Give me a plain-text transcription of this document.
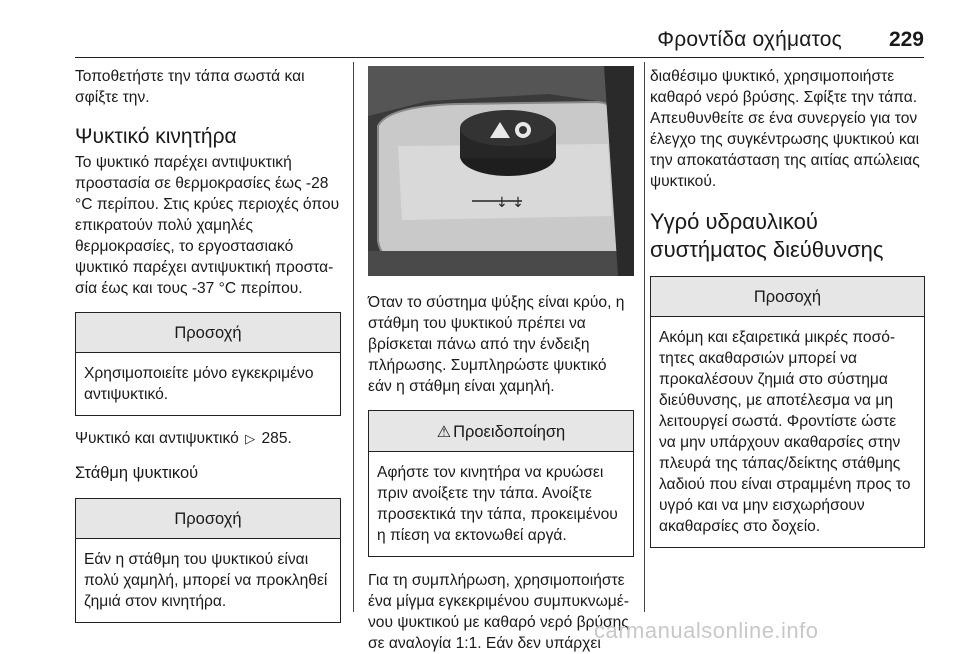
Φροντίδα οχήματος 229

Τοποθετήστε την τάπα σωστά και σφίξτε την.

Ψυκτικό κινητήρα

Το ψυκτικό παρέχει αντιψυκτική προστασία σε θερμοκρασίες έως -28 °C περίπου. Στις κρύες περιοχές όπου επικρατούν πολύ χαμηλές θερμοκρασίες, το εργοστασιακό ψυκτικό παρέχει αντιψυκτική προστασία έως και τους -37 °C περίπου.

Προσοχή
Χρησιμοποιείτε μόνο εγκεκριμένο αντιψυκτικό.

Ψυκτικό και αντιψυκτικό ▷ 285.

Στάθμη ψυκτικού
Προσοχή
Εάν η στάθμη του ψυκτικού είναι πολύ χαμηλή, μπορεί να προκληθεί ζημιά στον κινητήρα.
↓ ↓

Όταν το σύστημα ψύξης είναι κρύο, η στάθμη του ψυκτικού πρέπει να βρίσκεται πάνω από την ένδειξη πλήρωσης. Συμπληρώστε ψυκτικό εάν η στάθμη είναι χαμηλή.

⚠ Προειδοποίηση
Αφήστε τον κινητήρα να κρυώσει πριν ανοίξετε την τάπα. Ανοίξτε προσεκτικά την τάπα, προκειμένου η πίεση να εκτονωθεί αργά.

Για τη συμπλήρωση, χρησιμοποιήστε ένα μίγμα εγκεκριμένου συμπυκνωμένου ψυκτικού με καθαρό νερό βρύσης σε αναλογία 1:1. Εάν δεν υπάρχει

διαθέσιμο ψυκτικό, χρησιμοποιήστε καθαρό νερό βρύσης. Σφίξτε την τάπα. Απευθυνθείτε σε ένα συνεργείο για τον έλεγχο της συγκέντρωσης ψυκτικού και την αποκατάσταση της αιτίας απώλειας ψυκτικού.

Υγρό υδραυλικού συστήματος διεύθυνσης
Προσοχή
Ακόμη και εξαιρετικά μικρές ποσότητες ακαθαρσιών μπορεί να προκαλέσουν ζημιά στο σύστημα διεύθυνσης, με αποτέλεσμα να μη λειτουργεί σωστά. Φροντίστε ώστε να μην υπάρχουν ακαθαρσίες στην πλευρά της τάπας/δείκτης στάθμης λαδιού που είναι στραμμένη προς το υγρό και να μην εισχωρήσουν ακαθαρσίες στο δοχείο.
carmanualsonline.info
